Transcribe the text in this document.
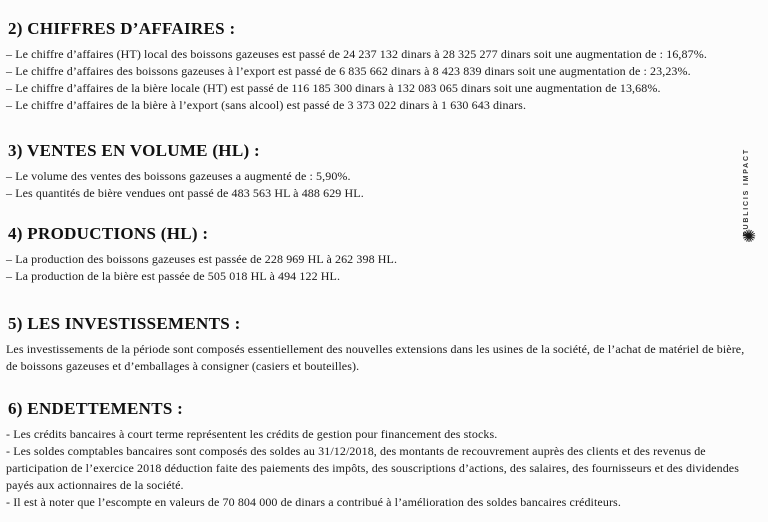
2) CHIFFRES D’AFFAIRES :

– Le chiffre d’affaires (HT) local des boissons gazeuses est passé de 24 237 132 dinars à 28 325 277 dinars soit une augmentation de : 16,87%.

– Le chiffre d’affaires des boissons gazeuses à l’export est passé de 6 835 662 dinars à 8 423 839 dinars soit une augmentation de : 23,23%.

– Le chiffre d’affaires de la bière locale (HT) est passé de 116 185 300 dinars à 132 083 065 dinars soit une augmentation de 13,68%.

– Le chiffre d’affaires de la bière à l’export (sans alcool) est passé de 3 373 022 dinars à 1 630 643 dinars.

3) VENTES EN VOLUME (HL) :

– Le volume des ventes des boissons gazeuses a augmenté de : 5,90%.

– Les quantités de bière vendues ont passé de 483 563 HL à 488 629 HL.

4) PRODUCTIONS (HL) :

– La production des boissons gazeuses est passée de 228 969 HL à 262 398 HL.

– La production de la bière est passée de 505 018 HL à 494 122 HL.

5) LES INVESTISSEMENTS :

Les investissements de la période sont composés essentiellement des nouvelles extensions dans les usines de la société, de l’achat de matériel de bière, de boissons gazeuses et d’emballages à consigner (casiers et bouteilles).

6) ENDETTEMENTS :

- Les crédits bancaires à court terme représentent les crédits de gestion pour financement des stocks.

- Les soldes comptables bancaires sont composés des soldes au 31/12/2018, des montants de recouvrement auprès des clients et des revenus de participation de l’exercice 2018 déduction faite des paiements des impôts, des souscriptions d’actions, des salaires, des fournisseurs et des dividendes payés aux actionnaires de la société.

- Il est à noter que l’escompte en valeurs de 70 804 000 de dinars a contribué à l’amélioration des soldes bancaires créditeurs.

PUBLICIS IMPACT
✺
